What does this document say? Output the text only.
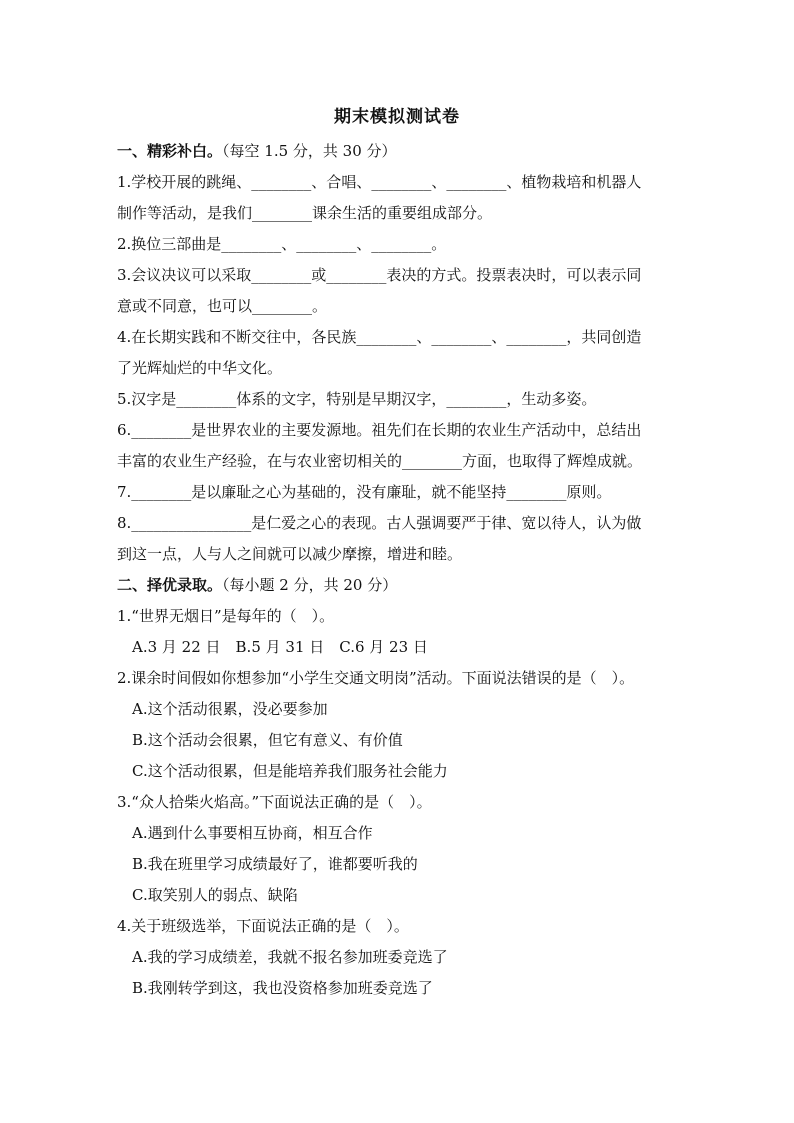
期末模拟测试卷
一、精彩补白。（每空 1.5 分，共 30 分）
1.学校开展的跳绳、________、合唱、________、________、植物栽培和机器人
制作等活动，是我们________课余生活的重要组成部分。
2.换位三部曲是________、________、________。
3.会议决议可以采取________或________表决的方式。投票表决时，可以表示同
意或不同意，也可以________。
4.在长期实践和不断交往中，各民族________、________、________，共同创造
了光辉灿烂的中华文化。
5.汉字是________体系的文字，特别是早期汉字，________，生动多姿。
6.________是世界农业的主要发源地。祖先们在长期的农业生产活动中，总结出
丰富的农业生产经验，在与农业密切相关的________方面，也取得了辉煌成就。
7.________是以廉耻之心为基础的，没有廉耻，就不能坚持________原则。
8.________________是仁爱之心的表现。古人强调要严于律、宽以待人，认为做
到这一点，人与人之间就可以减少摩擦，增进和睦。
二、择优录取。（每小题 2 分，共 20 分）
1.“世界无烟日”是每年的（　）。
A.3 月 22 日　B.5 月 31 日　C.6 月 23 日
2.课余时间假如你想参加“小学生交通文明岗”活动。下面说法错误的是（　）。
A.这个活动很累，没必要参加
B.这个活动会很累，但它有意义、有价值
C.这个活动很累，但是能培养我们服务社会能力
3.“众人拾柴火焰高。”下面说法正确的是（　）。
A.遇到什么事要相互协商，相互合作
B.我在班里学习成绩最好了，谁都要听我的
C.取笑别人的弱点、缺陷
4.关于班级选举，下面说法正确的是（　）。
A.我的学习成绩差，我就不报名参加班委竞选了
B.我刚转学到这，我也没资格参加班委竞选了
